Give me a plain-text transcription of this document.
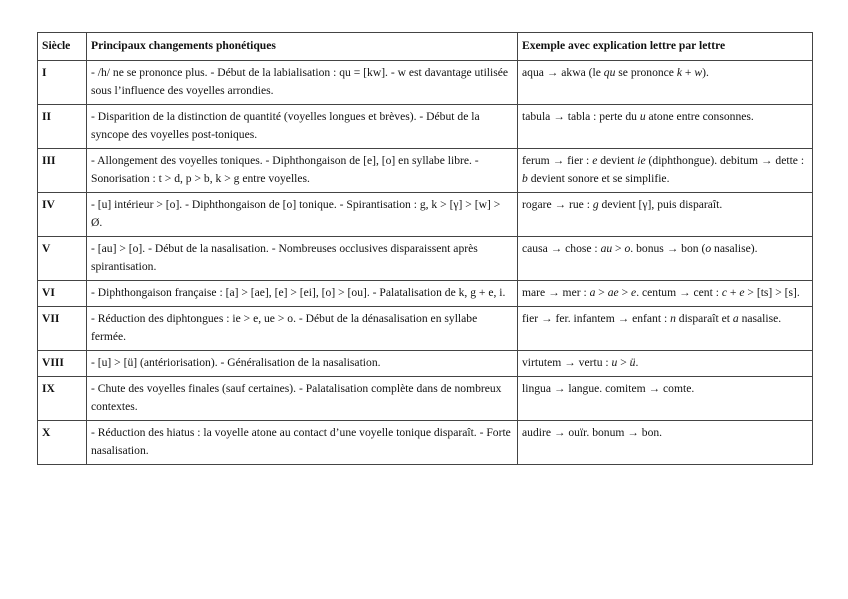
Siècle	Principaux changements phonétiques	Exemple avec explication lettre par lettre
I	- /h/ ne se prononce plus. - Début de la labialisation : qu = [kw]. - w est davantage utilisée sous l’influence des voyelles arrondies.	aqua → akwa (le qu se prononce k + w).
II	- Disparition de la distinction de quantité (voyelles longues et brèves). - Début de la syncope des voyelles post-toniques.	tabula → tabla : perte du u atone entre consonnes.
III	- Allongement des voyelles toniques. - Diphthongaison de [e], [o] en syllabe libre. - Sonorisation : t > d, p > b, k > g entre voyelles.	ferum → fier : e devient ie (diphthongue). debitum → dette : b devient sonore et se simplifie.
IV	- [u] intérieur > [o]. - Diphthongaison de [o] tonique. - Spirantisation : g, k > [γ] > [w] > Ø.	rogare → rue : g devient [γ], puis disparaît.
V	- [au] > [o]. - Début de la nasalisation. - Nombreuses occlusives disparaissent après spirantisation.	causa → chose : au > o. bonus → bon (o nasalise).
VI	- Diphthongaison française : [a] > [ae], [e] > [ei], [o] > [ou]. - Palatalisation de k, g + e, i.	mare → mer : a > ae > e. centum → cent : c + e > [ts] > [s].
VII	- Réduction des diphtongues : ie > e, ue > o. - Début de la dénasalisation en syllabe fermée.	fier → fer. infantem → enfant : n disparaît et a nasalise.
VIII	- [u] > [ü] (antériorisation). - Généralisation de la nasalisation.	virtutem → vertu : u > ü.
IX	- Chute des voyelles finales (sauf certaines). - Palatalisation complète dans de nombreux contextes.	lingua → langue. comitem → comte.
X	- Réduction des hiatus : la voyelle atone au contact d’une voyelle tonique disparaît. - Forte nasalisation.	audire → ouïr. bonum → bon.
